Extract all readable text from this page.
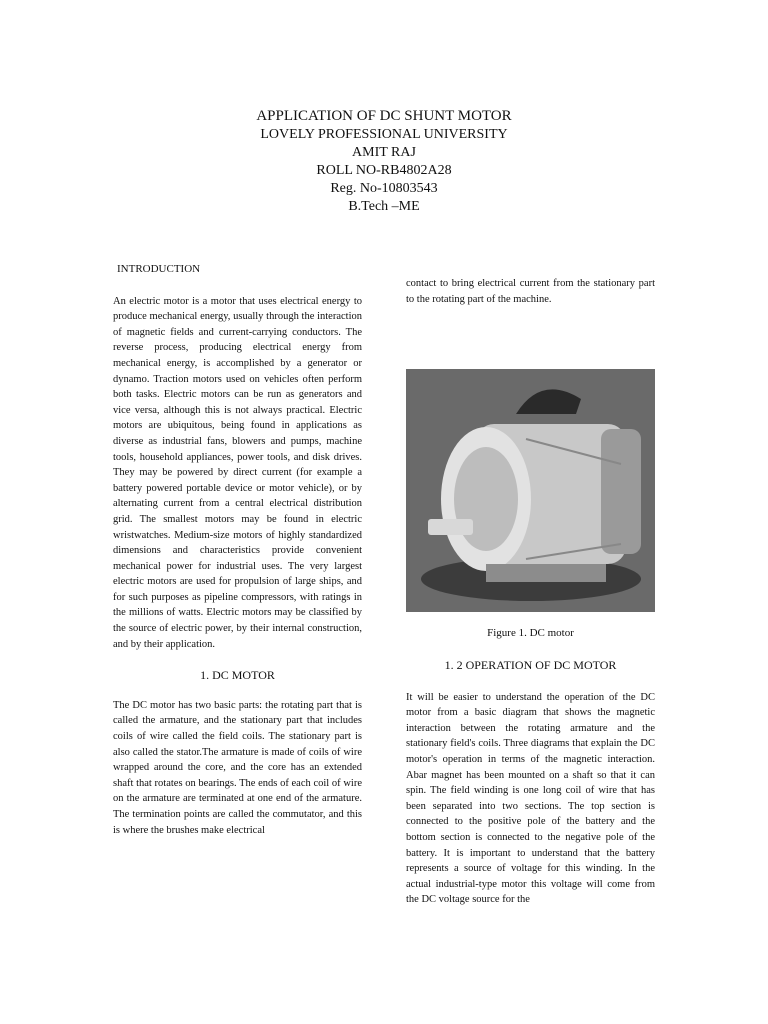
APPLICATION OF DC SHUNT MOTOR
LOVELY PROFESSIONAL UNIVERSITY
AMIT RAJ
ROLL NO-RB4802A28
Reg. No-10803543
B.Tech –ME
INTRODUCTION

An electric motor is a motor that uses electrical energy to produce mechanical energy, usually through the interaction of magnetic fields and current-carrying conductors. The reverse process, producing electrical energy from mechanical energy, is accomplished by a generator or dynamo. Traction motors used on vehicles often perform both tasks. Electric motors can be run as generators and vice versa, although this is not always practical. Electric motors are ubiquitous, being found in applications as diverse as industrial fans, blowers and pumps, machine tools, household appliances, power tools, and disk drives. They may be powered by direct current (for example a battery powered portable device or motor vehicle), or by alternating current from a central electrical distribution grid. The smallest motors may be found in electric wristwatches. Medium-size motors of highly standardized dimensions and characteristics provide convenient mechanical power for industrial uses. The very largest electric motors are used for propulsion of large ships, and for such purposes as pipeline compressors, with ratings in the millions of watts. Electric motors may be classified by the source of electric power, by their internal construction, and by their application.

1. DC MOTOR

The DC motor has two basic parts: the rotating part that is called the armature, and the stationary part that includes coils of wire called the field coils. The stationary part is also called the stator.The armature is made of coils of wire wrapped around the core, and the core has an extended shaft that rotates on bearings. The ends of each coil of wire on the armature are terminated at one end of the armature. The termination points are called the commutator, and this is where the brushes make electrical

contact to bring electrical current from the stationary part to the rotating part of the machine.

Figure 1. DC motor
1. 2 OPERATION OF DC MOTOR

It will be easier to understand the operation of the DC motor from a basic diagram that shows the magnetic interaction between the rotating armature and the stationary field's coils. Three diagrams that explain the DC motor's operation in terms of the magnetic interaction. Abar magnet has been mounted on a shaft so that it can spin. The field winding is one long coil of wire that has been separated into two sections. The top section is connected to the positive pole of the battery and the bottom section is connected to the negative pole of the battery. It is important to understand that the battery represents a source of voltage for this winding. In the actual industrial-type motor this voltage will come from the DC voltage source for the
